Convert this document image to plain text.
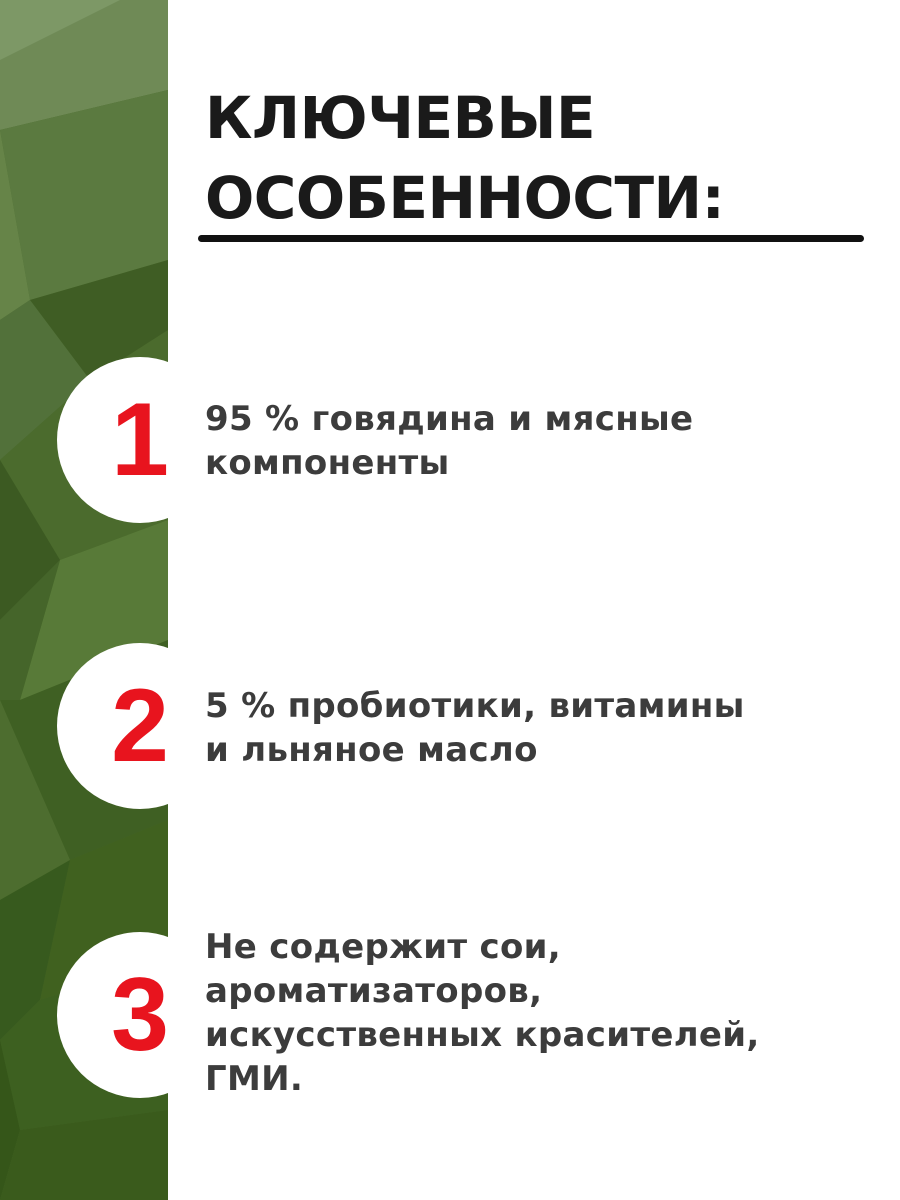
КЛЮЧЕВЫЕ
ОСОБЕННОСТИ:
1	95 % говядина и мясные
компоненты

2	5 % пробиотики, витамины
и льняное масло

3

Не содержит сои,
ароматизаторов,
искусственных красителей,
ГМИ.
